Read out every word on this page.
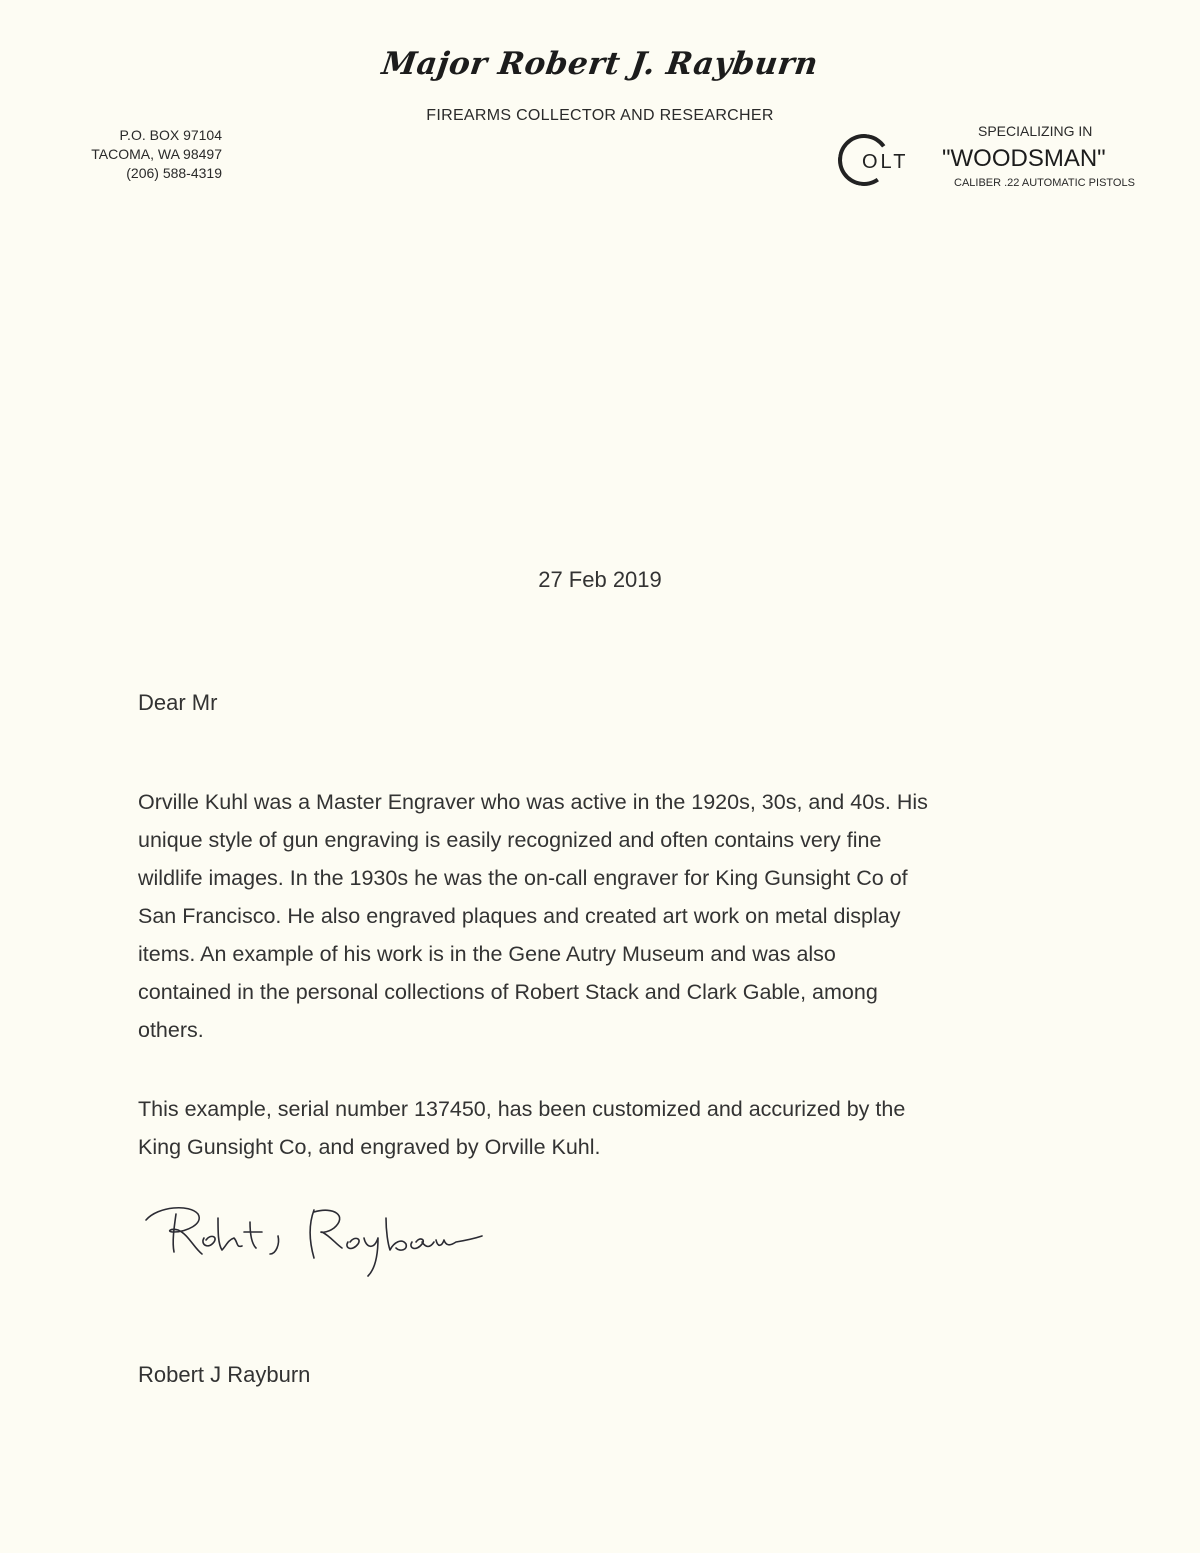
Major Robert J. Rayburn
FIREARMS COLLECTOR AND RESEARCHER
P.O. BOX 97104
TACOMA, WA 98497
(206) 588-4319
SPECIALIZING IN
OLT "WOODSMAN"
CALIBER .22 AUTOMATIC PISTOLS
27 Feb 2019
Dear Mr
Orville Kuhl was a Master Engraver who was active in the 1920s, 30s, and 40s. His
unique style of gun engraving is easily recognized and often contains very fine
wildlife images. In the 1930s he was the on-call engraver for King Gunsight Co of
San Francisco. He also engraved plaques and created art work on metal display
items. An example of his work is in the Gene Autry Museum and was also
contained in the personal collections of Robert Stack and Clark Gable, among
others.
This example, serial number 137450, has been customized and accurized by the
King Gunsight Co, and engraved by Orville Kuhl.
Robert J Rayburn
